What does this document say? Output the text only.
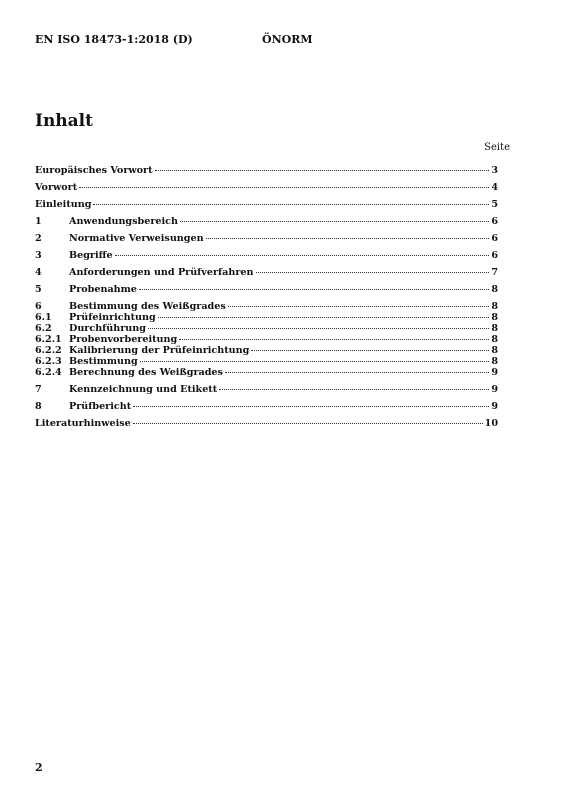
EN ISO 18473-1:2018 (D)	ÖNORM
Inhalt
Seite
Europäisches Vorwort	3
Vorwort	4
Einleitung	5
1	Anwendungsbereich	6
2	Normative Verweisungen	6
3	Begriffe	6
4	Anforderungen und Prüfverfahren	7
5	Probenahme	8
6	Bestimmung des Weißgrades	8
6.1	Prüfeinrichtung	8
6.2	Durchführung	8
6.2.1 Probenvorbereitung	8
6.2.2 Kalibrierung der Prüfeinrichtung	8
6.2.3 Bestimmung	8
6.2.4 Berechnung des Weißgrades	9
7	Kennzeichnung und Etikett	9
8	Prüfbericht	9
Literaturhinweise	10
2
